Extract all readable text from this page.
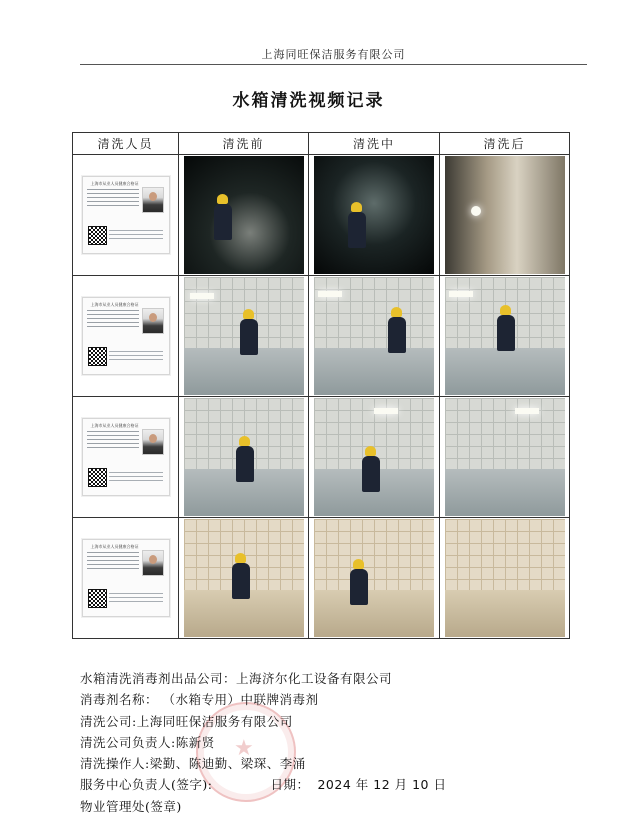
上海同旺保洁服务有限公司
水箱清洗视频记录
清洗人员	清洗前	清洗中	清洗后

上海市从业人员健康合格证			

上海市从业人员健康合格证			

上海市从业人员健康合格证			

上海市从业人员健康合格证			

★
水箱清洗消毒剂出品公司：上海济尔化工设备有限公司
消毒剂名称： （水箱专用）中联牌消毒剂
清洗公司:上海同旺保洁服务有限公司
清洗公司负责人:陈新贤
清洗操作人:梁勤、陈迪勤、梁琛、李涌
服务中心负责人(签字):	日期： 2024 年 12 月 10 日
物业管理处(签章)
